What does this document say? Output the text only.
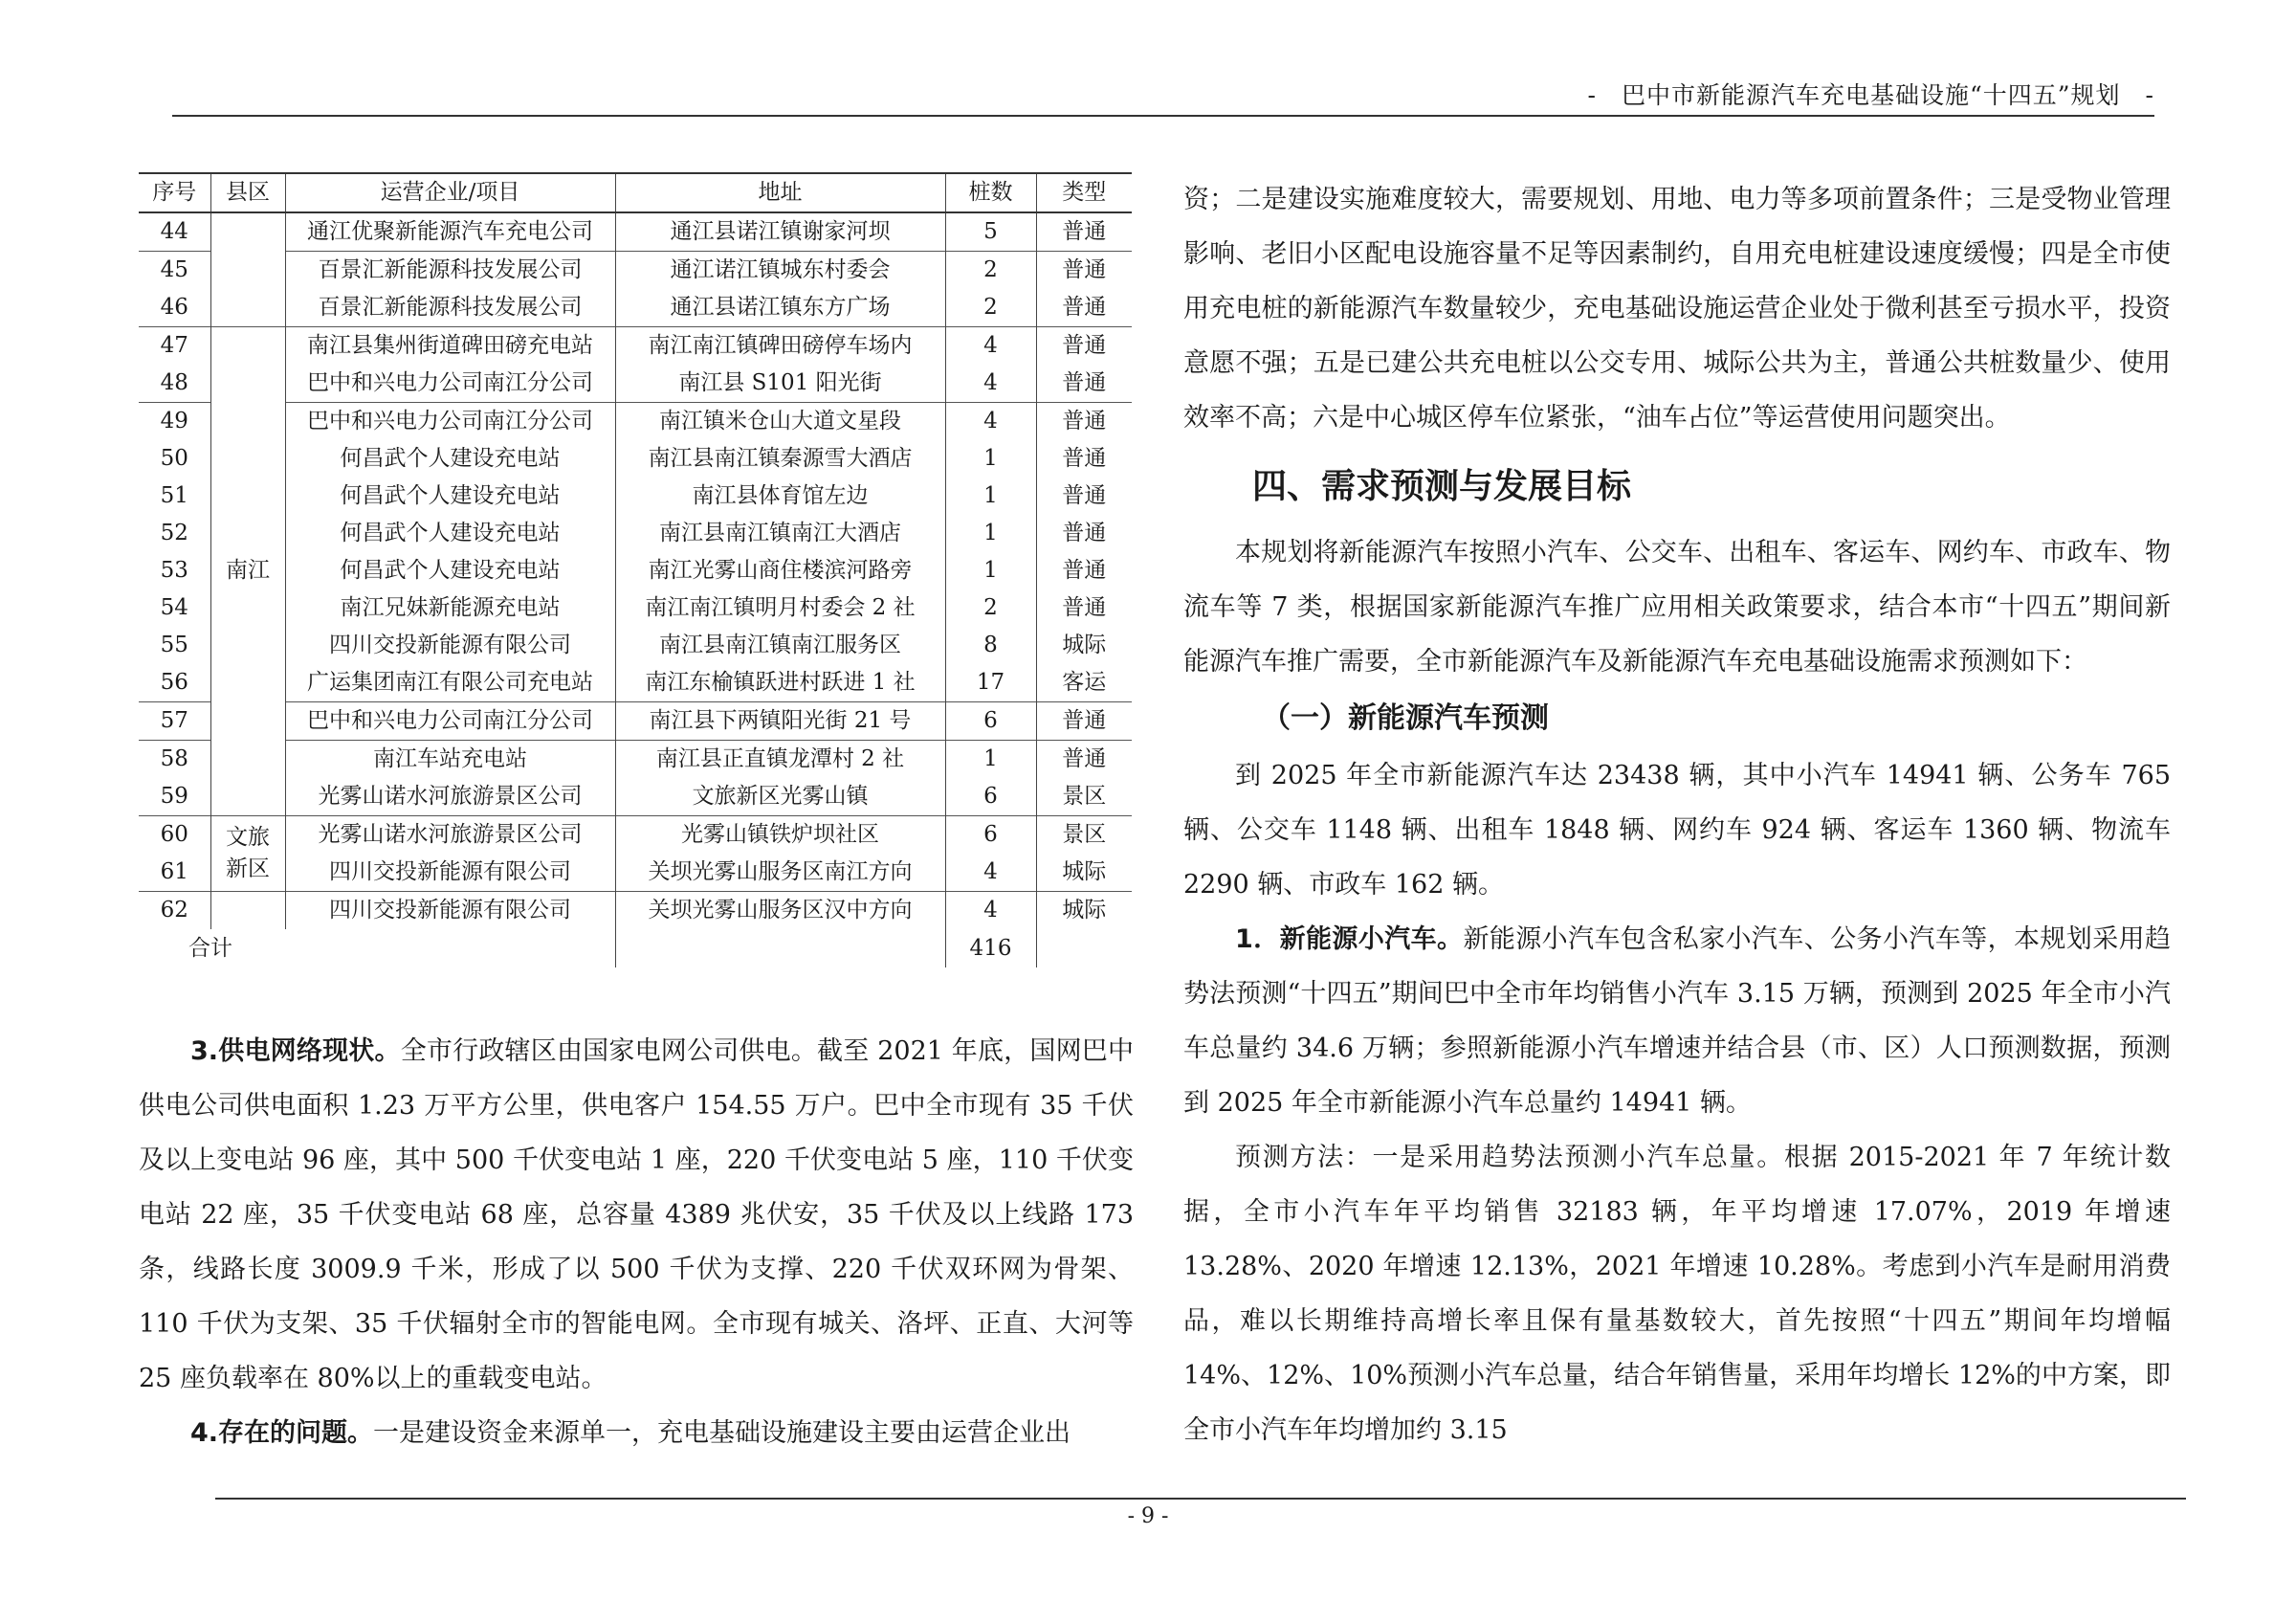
-　巴中市新能源汽车充电基础设施“十四五”规划　-
序号	县区	运营企业/项目	地址	桩数	类型
44		通江优聚新能源汽车充电公司	通江县诺江镇谢家河坝	5	普通
45		百景汇新能源科技发展公司	通江诺江镇城东村委会	2	普通
46		百景汇新能源科技发展公司	通江县诺江镇东方广场	2	普通
47	南江	南江县集州街道碑田磅充电站	南江南江镇碑田磅停车场内	4	普通
48		巴中和兴电力公司南江分公司	南江县 S101 阳光街	4	普通
49		巴中和兴电力公司南江分公司	南江镇米仓山大道文星段	4	普通
50		何昌武个人建设充电站	南江县南江镇秦源雪大酒店	1	普通
51		何昌武个人建设充电站	南江县体育馆左边	1	普通
52		何昌武个人建设充电站	南江县南江镇南江大酒店	1	普通
53		何昌武个人建设充电站	南江光雾山商住楼滨河路旁	1	普通
54		南江兄妹新能源充电站	南江南江镇明月村委会 2 社	2	普通
55		四川交投新能源有限公司	南江县南江镇南江服务区	8	城际
56		广运集团南江有限公司充电站	南江东榆镇跃进村跃进 1 社	17	客运
57		巴中和兴电力公司南江分公司	南江县下两镇阳光街 21 号	6	普通
58		南江车站充电站	南江县正直镇龙潭村 2 社	1	普通
59		光雾山诺水河旅游景区公司	文旅新区光雾山镇	6	景区
60	文旅新区	光雾山诺水河旅游景区公司	光雾山镇铁炉坝社区	6	景区
61		四川交投新能源有限公司	关坝光雾山服务区南江方向	4	城际
62		四川交投新能源有限公司	关坝光雾山服务区汉中方向	4	城际
合计				416	

3.供电网络现状。全市行政辖区由国家电网公司供电。截至 2021 年底，国网巴中供电公司供电面积 1.23 万平方公里，供电客户 154.55 万户。巴中全市现有 35 千伏及以上变电站 96 座，其中 500 千伏变电站 1 座，220 千伏变电站 5 座，110 千伏变电站 22 座，35 千伏变电站 68 座，总容量 4389 兆伏安，35 千伏及以上线路 173 条，线路长度 3009.9 千米，形成了以 500 千伏为支撑、220 千伏双环网为骨架、110 千伏为支架、35 千伏辐射全市的智能电网。全市现有城关、洛坪、正直、大河等 25 座负载率在 80%以上的重载变电站。

4.存在的问题。一是建设资金来源单一，充电基础设施建设主要由运营企业出

资；二是建设实施难度较大，需要规划、用地、电力等多项前置条件；三是受物业管理影响、老旧小区配电设施容量不足等因素制约，自用充电桩建设速度缓慢；四是全市使用充电桩的新能源汽车数量较少，充电基础设施运营企业处于微利甚至亏损水平，投资意愿不强；五是已建公共充电桩以公交专用、城际公共为主，普通公共桩数量少、使用效率不高；六是中心城区停车位紧张，“油车占位”等运营使用问题突出。

四、需求预测与发展目标

本规划将新能源汽车按照小汽车、公交车、出租车、客运车、网约车、市政车、物流车等 7 类，根据国家新能源汽车推广应用相关政策要求，结合本市“十四五”期间新能源汽车推广需要，全市新能源汽车及新能源汽车充电基础设施需求预测如下：

（一）新能源汽车预测

到 2025 年全市新能源汽车达 23438 辆，其中小汽车 14941 辆、公务车 765 辆、公交车 1148 辆、出租车 1848 辆、网约车 924 辆、客运车 1360 辆、物流车 2290 辆、市政车 162 辆。

1．新能源小汽车。新能源小汽车包含私家小汽车、公务小汽车等，本规划采用趋势法预测“十四五”期间巴中全市年均销售小汽车 3.15 万辆，预测到 2025 年全市小汽车总量约 34.6 万辆；参照新能源小汽车增速并结合县（市、区）人口预测数据，预测到 2025 年全市新能源小汽车总量约 14941 辆。

预测方法：一是采用趋势法预测小汽车总量。根据 2015-2021 年 7 年统计数据，全市小汽车年平均销售 32183 辆，年平均增速 17.07%，2019 年增速 13.28%、2020 年增速 12.13%，2021 年增速 10.28%。考虑到小汽车是耐用消费品，难以长期维持高增长率且保有量基数较大，首先按照“十四五”期间年均增幅 14%、12%、10%预测小汽车总量，结合年销售量，采用年均增长 12%的中方案，即全市小汽车年均增加约 3.15

- 9 -
